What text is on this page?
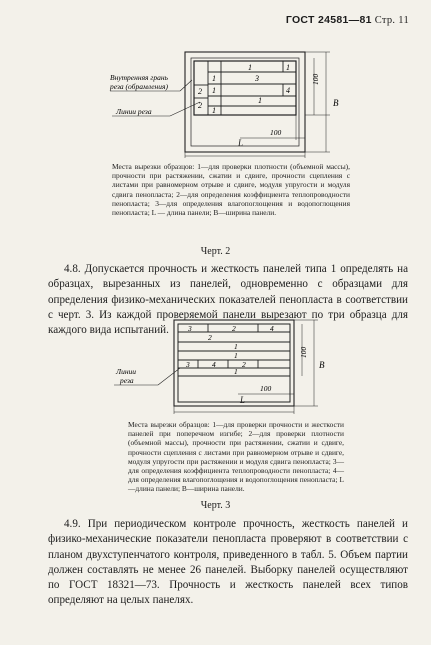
ГОСТ 24581—81 Стр. 11
1
1
3
1
2 1
2
4
1
1
Внутренняя грань
реза (обрамления)
Линии реза
100
B
100
L
Места вырезки образцов: 1—для проверки плотности (объемной массы), прочности при растяжении, сжатии и сдвиге, прочности сцепления с листами при равномерном отрыве и сдвиге, модуля упругости и модуля сдвига пенопласта; 2—для определения коэффициента теплопроводности пенопласта; 3—для определения влагопоглощения и водопоглощения пенопласта; L — длина панели; B—ширина панели.
Черт. 2
4.8. Допускается прочность и жесткость панелей типа 1 определять на образцах, вырезанных из панелей, одновременно с образцами для определения физико-механических показателей пенопласта в соответствии с черт. 3. Из каждой проверяемой панели вырезают по три образца для каждого вида испытаний.	3	2	4
2
1
1
3	4	2
1
Линии
реза
100
B
100
L
Места вырезки образцов: 1—для проверки прочности и жесткости панелей при поперечном изгибе; 2—для проверки плотности (объемной массы), прочности при растяжении, сжатии и сдвиге, прочности сцепления с листами при равномерном отрыве и сдвиге, модуля упругости при растяжении и модуля сдвига пенопласта; 3—для определения коэффициента теплопроводности пенопласта; 4—для определения влагопоглощения и водопоглощения пенопласта; L—длина панели; B—ширина панели.
Черт. 3
4.9. При периодическом контроле прочность, жесткость панелей и физико-механические показатели пенопласта проверяют в соответствии с планом двухступенчатого контроля, приведенного в табл. 5. Объем партии должен составлять не менее 26 панелей. Выборку панелей осуществляют по ГОСТ 18321—73. Прочность и жесткость панелей всех типов определяют на целых панелях.
